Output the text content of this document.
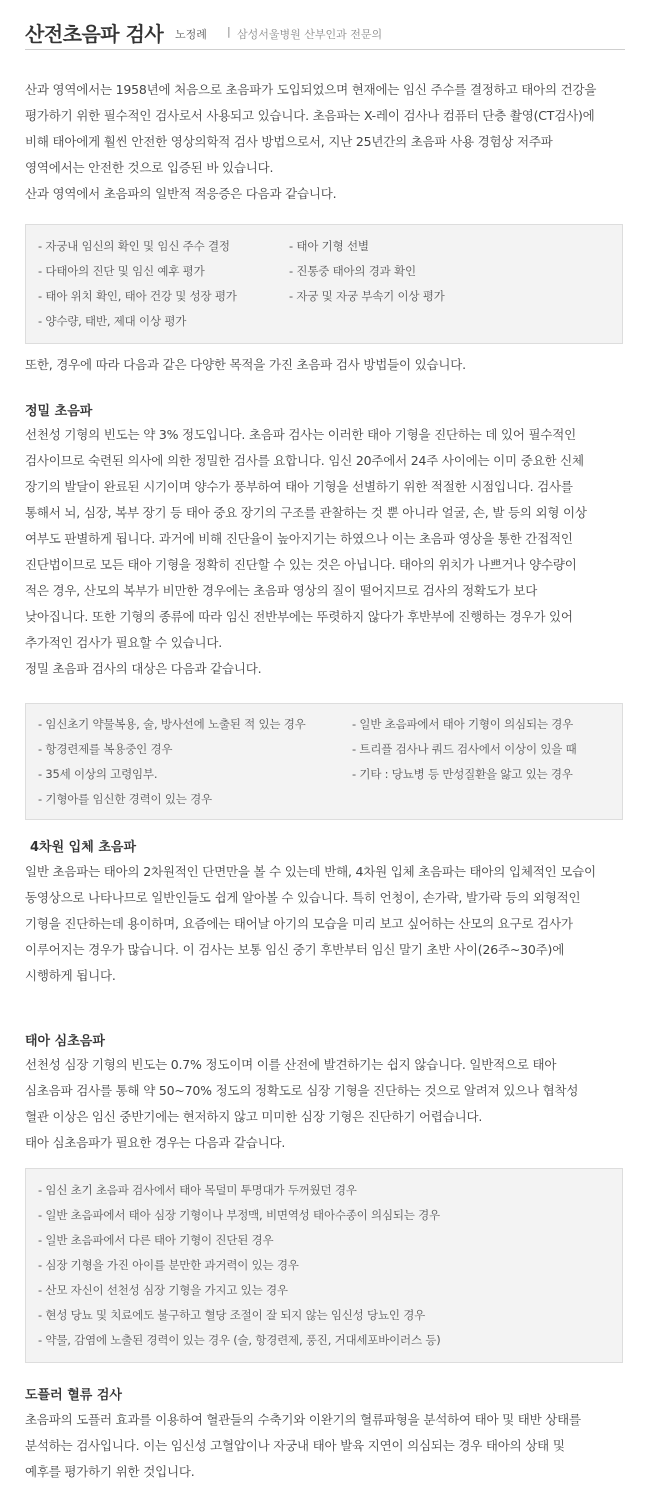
산전초음파 검사 노정례 | 삼성서울병원 산부인과 전문의
산과 영역에서는 1958년에 처음으로 초음파가 도입되었으며 현재에는 임신 주수를 결정하고 태아의 건강을
평가하기 위한 필수적인 검사로서 사용되고 있습니다. 초음파는 X-레이 검사나 컴퓨터 단층 촬영(CT검사)에
비해 태아에게 훨씬 안전한 영상의학적 검사 방법으로서, 지난 25년간의 초음파 사용 경험상 저주파
영역에서는 안전한 것으로 입증된 바 있습니다.
산과 영역에서 초음파의 일반적 적응증은 다음과 같습니다.
- 자궁내 임신의 확인 및 임신 주수 결정
- 다태아의 진단 및 임신 예후 평가
- 태아 위치 확인, 태아 건강 및 성장 평가
- 양수량, 태반, 제대 이상 평가
- 태아 기형 선별
- 진통중 태아의 경과 확인
- 자궁 및 자궁 부속기 이상 평가
또한, 경우에 따라 다음과 같은 다양한 목적을 가진 초음파 검사 방법들이 있습니다.
정밀 초음파
선천성 기형의 빈도는 약 3% 정도입니다. 초음파 검사는 이러한 태아 기형을 진단하는 데 있어 필수적인
검사이므로 숙련된 의사에 의한 정밀한 검사를 요합니다. 임신 20주에서 24주 사이에는 이미 중요한 신체
장기의 발달이 완료된 시기이며 양수가 풍부하여 태아 기형을 선별하기 위한 적절한 시점입니다. 검사를
통해서 뇌, 심장, 복부 장기 등 태아 중요 장기의 구조를 관찰하는 것 뿐 아니라 얼굴, 손, 발 등의 외형 이상
여부도 판별하게 됩니다. 과거에 비해 진단율이 높아지기는 하였으나 이는 초음파 영상을 통한 간접적인
진단법이므로 모든 태아 기형을 정확히 진단할 수 있는 것은 아닙니다. 태아의 위치가 나쁘거나 양수량이
적은 경우, 산모의 복부가 비만한 경우에는 초음파 영상의 질이 떨어지므로 검사의 정확도가 보다
낮아집니다. 또한 기형의 종류에 따라 임신 전반부에는 뚜렷하지 않다가 후반부에 진행하는 경우가 있어
추가적인 검사가 필요할 수 있습니다.
정밀 초음파 검사의 대상은 다음과 같습니다.
- 임신초기 약물복용, 술, 방사선에 노출된 적 있는 경우
- 항경련제를 복용중인 경우
- 35세 이상의 고령임부.
- 기형아를 임신한 경력이 있는 경우
- 일반 초음파에서 태아 기형이 의심되는 경우
- 트리플 검사나 쿼드 검사에서 이상이 있을 때
- 기타 : 당뇨병 등 만성질환을 앓고 있는 경우
4차원 입체 초음파
일반 초음파는 태아의 2차원적인 단면만을 볼 수 있는데 반해, 4차원 입체 초음파는 태아의 입체적인 모습이
동영상으로 나타나므로 일반인들도 쉽게 알아볼 수 있습니다. 특히 언청이, 손가락, 발가락 등의 외형적인
기형을 진단하는데 용이하며, 요즘에는 태어날 아기의 모습을 미리 보고 싶어하는 산모의 요구로 검사가
이루어지는 경우가 많습니다. 이 검사는 보통 임신 중기 후반부터 임신 말기 초반 사이(26주~30주)에
시행하게 됩니다.
태아 심초음파
선천성 심장 기형의 빈도는 0.7% 정도이며 이를 산전에 발견하기는 쉽지 않습니다. 일반적으로 태아
심초음파 검사를 통해 약 50~70% 정도의 정확도로 심장 기형을 진단하는 것으로 알려져 있으나 협착성
혈관 이상은 임신 중반기에는 현저하지 않고 미미한 심장 기형은 진단하기 어렵습니다.
태아 심초음파가 필요한 경우는 다음과 같습니다.
- 임신 초기 초음파 검사에서 태아 목덜미 투명대가 두꺼웠던 경우
- 일반 초음파에서 태아 심장 기형이나 부정맥, 비면역성 태아수종이 의심되는 경우
- 일반 초음파에서 다른 태아 기형이 진단된 경우
- 심장 기형을 가진 아이를 분만한 과거력이 있는 경우
- 산모 자신이 선천성 심장 기형을 가지고 있는 경우
- 현성 당뇨 및 치료에도 불구하고 혈당 조절이 잘 되지 않는 임신성 당뇨인 경우
- 약물, 감염에 노출된 경력이 있는 경우 (술, 항경련제, 풍진, 거대세포바이러스 등)
도플러 혈류 검사
초음파의 도플러 효과를 이용하여 혈관들의 수축기와 이완기의 혈류파형을 분석하여 태아 및 태반 상태를
분석하는 검사입니다. 이는 임신성 고혈압이나 자궁내 태아 발육 지연이 의심되는 경우 태아의 상태 및
예후를 평가하기 위한 것입니다.
